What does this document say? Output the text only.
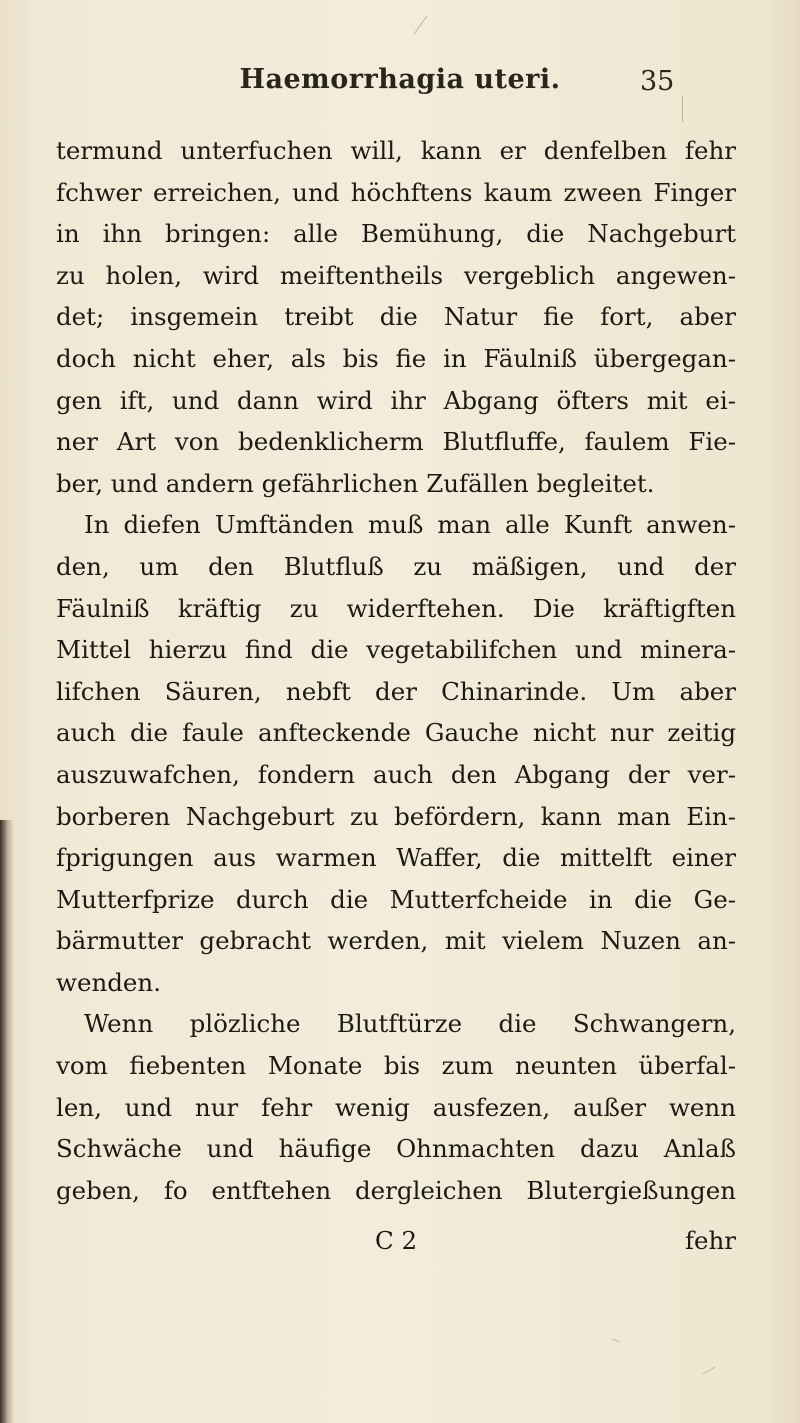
Haemorrhagia uteri.	35
termund unterfuchen will, kann er denfelben fehr
fchwer erreichen, und höchftens kaum zween Finger
in ihn bringen: alle Bemühung, die Nachgeburt
zu holen, wird meiftentheils vergeblich angewen-
det; insgemein treibt die Natur fie fort, aber
doch nicht eher, als bis fie in Fäulniß übergegan-
gen ift, und dann wird ihr Abgang öfters mit ei-
ner Art von bedenklicherm Blutfluffe, faulem Fie-
ber, und andern gefährlichen Zufällen begleitet.
In diefen Umftänden muß man alle Kunft anwen-
den, um den Blutfluß zu mäßigen, und der
Fäulniß kräftig zu widerftehen. Die kräftigften
Mittel hierzu find die vegetabilifchen und minera-
lifchen Säuren, nebft der Chinarinde. Um aber
auch die faule anfteckende Gauche nicht nur zeitig
auszuwafchen, fondern auch den Abgang der ver-
borberen Nachgeburt zu befördern, kann man Ein-
fprigungen aus warmen Waffer, die mittelft einer
Mutterfprize durch die Mutterfcheide in die Ge-
bärmutter gebracht werden, mit vielem Nuzen an-
wenden.
Wenn plözliche Blutftürze die Schwangern,
vom fiebenten Monate bis zum neunten überfal-
len, und nur fehr wenig ausfezen, außer wenn
Schwäche und häufige Ohnmachten dazu Anlaß
geben, fo entftehen dergleichen Blutergießungen
C 2	fehr
